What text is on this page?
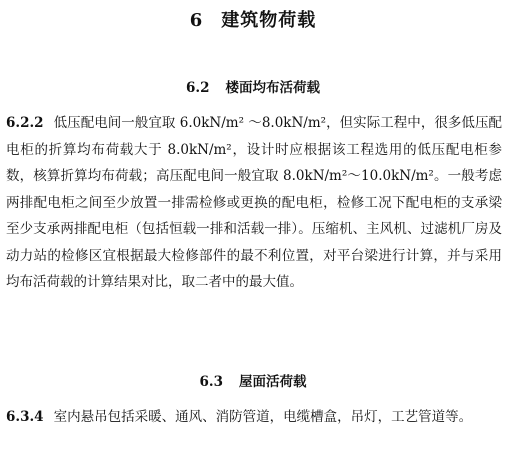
6 建筑物荷载
6.2 楼面均布活荷载
6.2.2 低压配电间一般宜取 6.0kN/m² ～8.0kN/m²，但实际工程中，很多低压配电柜的折算均布荷载大于 8.0kN/m²，设计时应根据该工程选用的低压配电柜参数，核算折算均布荷载；高压配电间一般宜取 8.0kN/m²～10.0kN/m²。一般考虑两排配电柜之间至少放置一排需检修或更换的配电柜，检修工况下配电柜的支承梁至少支承两排配电柜（包括恒载一排和活载一排）。压缩机、主风机、过滤机厂房及动力站的检修区宜根据最大检修部件的最不利位置，对平台梁进行计算，并与采用均布活荷载的计算结果对比，取二者中的最大值。
6.3 屋面活荷载
6.3.4 室内悬吊包括采暖、通风、消防管道，电缆槽盒，吊灯，工艺管道等。
